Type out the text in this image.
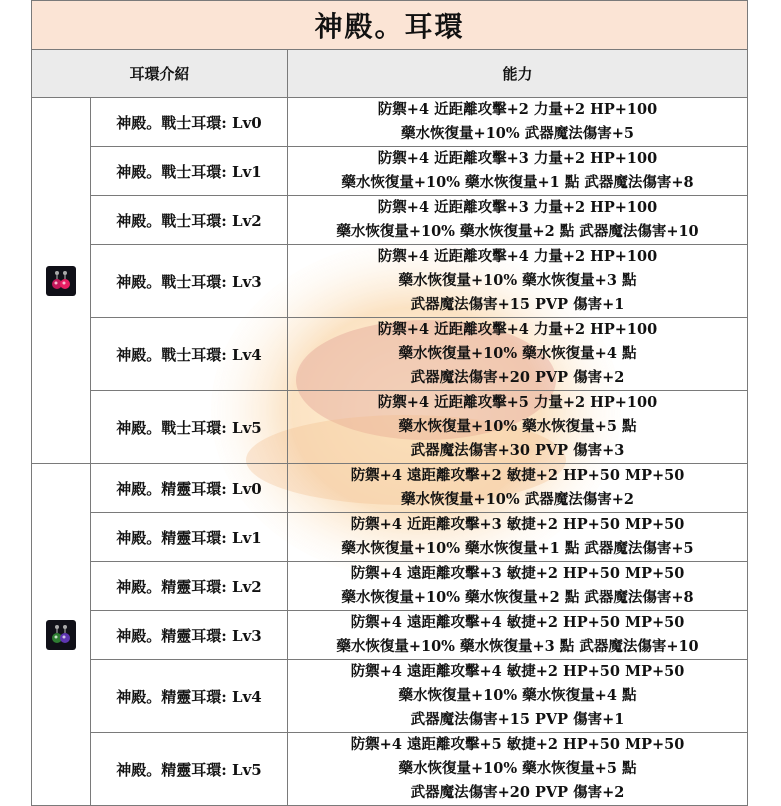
神殿。耳環		
耳環介紹		能力

	神殿。戰士耳環: Lv0	防禦+4 近距離攻擊+2 力量+2 HP+100
藥水恢復量+10% 武器魔法傷害+5

	神殿。戰士耳環: Lv1	防禦+4 近距離攻擊+3 力量+2 HP+100
藥水恢復量+10% 藥水恢復量+1 點 武器魔法傷害+8

	神殿。戰士耳環: Lv2	防禦+4 近距離攻擊+3 力量+2 HP+100
藥水恢復量+10% 藥水恢復量+2 點 武器魔法傷害+10

	神殿。戰士耳環: Lv3	防禦+4 近距離攻擊+4 力量+2 HP+100
藥水恢復量+10% 藥水恢復量+3 點
武器魔法傷害+15 PVP 傷害+1

	神殿。戰士耳環: Lv4	防禦+4 近距離攻擊+4 力量+2 HP+100
藥水恢復量+10% 藥水恢復量+4 點
武器魔法傷害+20 PVP 傷害+2

	神殿。戰士耳環: Lv5	防禦+4 近距離攻擊+5 力量+2 HP+100
藥水恢復量+10% 藥水恢復量+5 點
武器魔法傷害+30 PVP 傷害+3

	神殿。精靈耳環: Lv0	防禦+4 遠距離攻擊+2 敏捷+2 HP+50 MP+50
藥水恢復量+10% 武器魔法傷害+2

	神殿。精靈耳環: Lv1	防禦+4 近距離攻擊+3 敏捷+2 HP+50 MP+50
藥水恢復量+10% 藥水恢復量+1 點 武器魔法傷害+5

	神殿。精靈耳環: Lv2	防禦+4 遠距離攻擊+3 敏捷+2 HP+50 MP+50
藥水恢復量+10% 藥水恢復量+2 點 武器魔法傷害+8

	神殿。精靈耳環: Lv3	防禦+4 遠距離攻擊+4 敏捷+2 HP+50 MP+50
藥水恢復量+10% 藥水恢復量+3 點 武器魔法傷害+10

	神殿。精靈耳環: Lv4	防禦+4 遠距離攻擊+4 敏捷+2 HP+50 MP+50
藥水恢復量+10% 藥水恢復量+4 點
武器魔法傷害+15 PVP 傷害+1

	神殿。精靈耳環: Lv5	防禦+4 遠距離攻擊+5 敏捷+2 HP+50 MP+50
藥水恢復量+10% 藥水恢復量+5 點
武器魔法傷害+20 PVP 傷害+2
